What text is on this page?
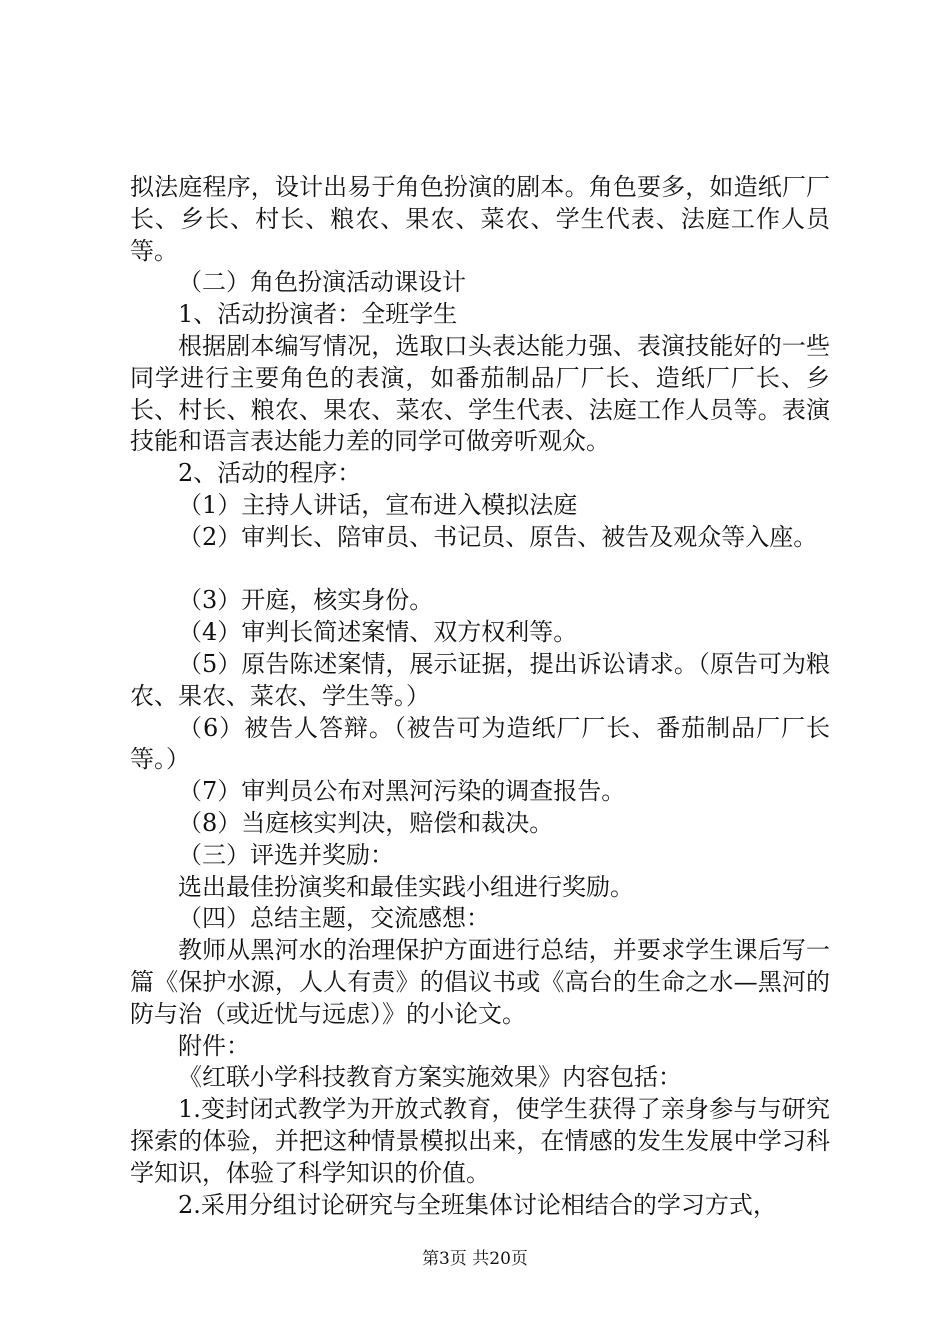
拟法庭程序，设计出易于角色扮演的剧本。角色要多，如造纸厂厂长、乡长、村长、粮农、果农、菜农、学生代表、法庭工作人员等。

（二）角色扮演活动课设计

1、活动扮演者：全班学生

根据剧本编写情况，选取口头表达能力强、表演技能好的一些同学进行主要角色的表演，如番茄制品厂厂长、造纸厂厂长、乡长、村长、粮农、果农、菜农、学生代表、法庭工作人员等。表演技能和语言表达能力差的同学可做旁听观众。

2、活动的程序：

（1）主持人讲话，宣布进入模拟法庭

（2）审判长、陪审员、书记员、原告、被告及观众等入座。

（3）开庭，核实身份。

（4）审判长简述案情、双方权利等。

（5）原告陈述案情，展示证据，提出诉讼请求。（原告可为粮农、果农、菜农、学生等。）

（6）被告人答辩。（被告可为造纸厂厂长、番茄制品厂厂长等。）

（7）审判员公布对黑河污染的调查报告。

（8）当庭核实判决，赔偿和裁决。

（三）评选并奖励：

选出最佳扮演奖和最佳实践小组进行奖励。

（四）总结主题，交流感想：

教师从黑河水的治理保护方面进行总结，并要求学生课后写一篇《保护水源，人人有责》的倡议书或《高台的生命之水—黑河的防与治（或近忧与远虑）》的小论文。

附件：

《红联小学科技教育方案实施效果》内容包括：

1.变封闭式教学为开放式教育，使学生获得了亲身参与与研究探索的体验，并把这种情景模拟出来，在情感的发生发展中学习科学知识，体验了科学知识的价值。

2.采用分组讨论研究与全班集体讨论相结合的学习方式，

第3页 共20页
